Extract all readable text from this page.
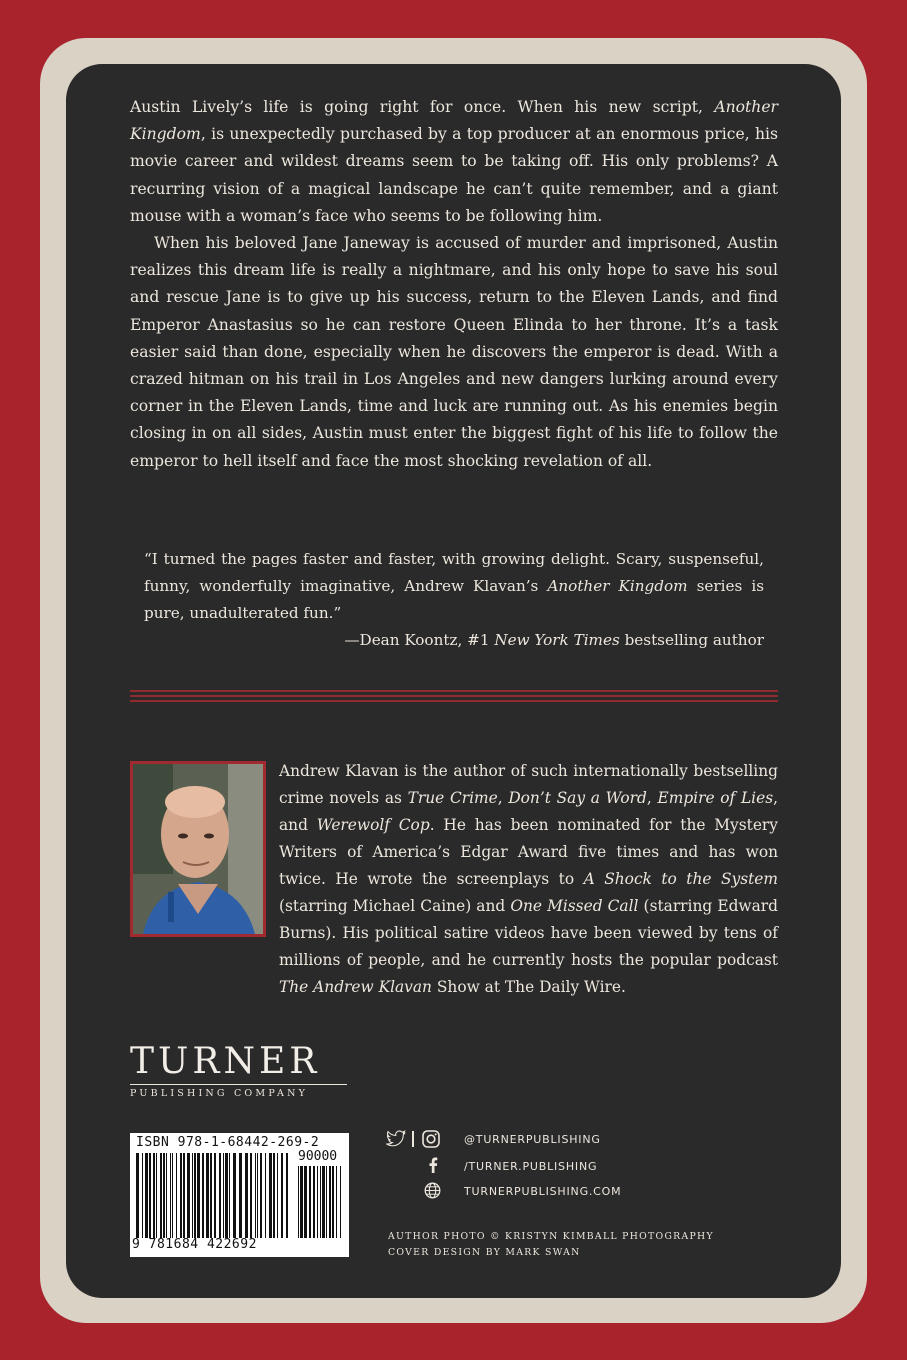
Austin Lively’s life is going right for once. When his new script, Another Kingdom, is unexpectedly purchased by a top producer at an enormous price, his movie career and wildest dreams seem to be taking off. His only problems? A recurring vision of a magical landscape he can’t quite remember, and a giant mouse with a woman’s face who seems to be following him.

When his beloved Jane Janeway is accused of murder and imprisoned, Austin realizes this dream life is really a nightmare, and his only hope to save his soul and rescue Jane is to give up his success, return to the Eleven Lands, and find Emperor Anastasius so he can restore Queen Elinda to her throne. It’s a task easier said than done, especially when he discovers the emperor is dead. With a crazed hitman on his trail in Los Angeles and new dangers lurking around every corner in the Eleven Lands, time and luck are running out. As his enemies begin closing in on all sides, Austin must enter the biggest fight of his life to follow the emperor to hell itself and face the most shocking revelation of all.

“I turned the pages faster and faster, with growing delight. Scary, suspenseful, funny, wonderfully imaginative, Andrew Klavan’s Another Kingdom series is pure, unadulterated fun.”

—Dean Koontz, #1 New York Times bestselling author

Andrew Klavan is the author of such internationally bestselling crime novels as True Crime, Don’t Say a Word, Empire of Lies, and Werewolf Cop. He has been nominated for the Mystery Writers of America’s Edgar Award five times and has won twice. He wrote the screenplays to A Shock to the System (starring Michael Caine) and One Missed Call (starring Edward Burns). His political satire videos have been viewed by tens of millions of people, and he currently hosts the popular podcast The Andrew Klavan Show at The Daily Wire.

TURNER
PUBLISHING COMPANY
ISBN 978-1-68442-269-2
90000
9 781684 422692
@TURNERPUBLISHING
/TURNER.PUBLISHING
TURNERPUBLISHING.COM
AUTHOR PHOTO © KRISTYN KIMBALL PHOTOGRAPHY
COVER DESIGN BY MARK SWAN
